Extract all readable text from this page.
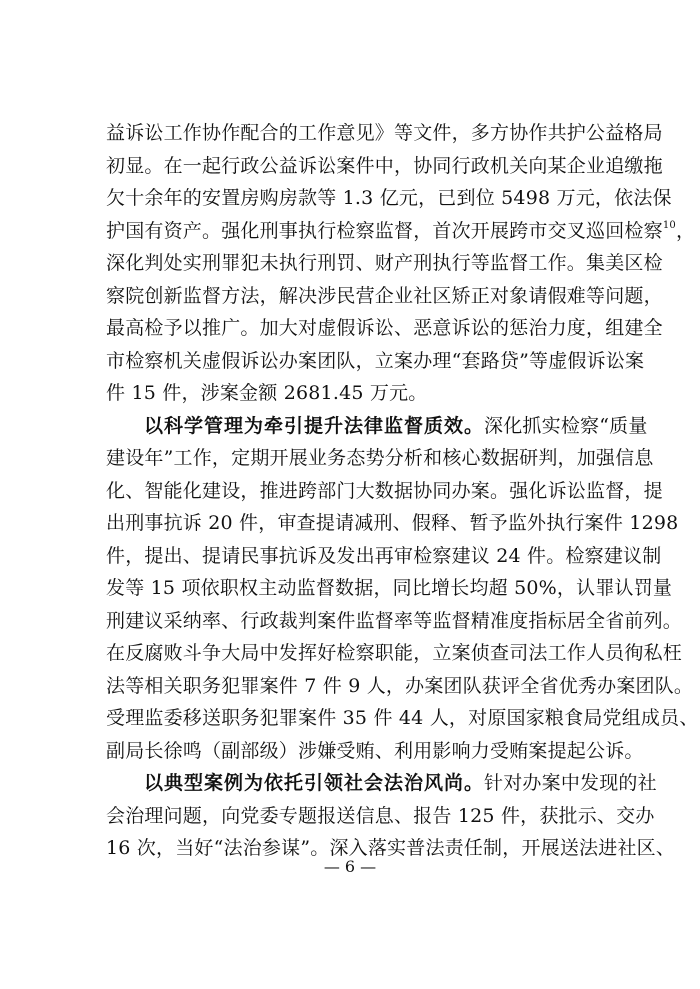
益诉讼工作协作配合的工作意见》等文件，多方协作共护公益格局
初显。在一起行政公益诉讼案件中，协同行政机关向某企业追缴拖
欠十余年的安置房购房款等 1.3 亿元，已到位 5498 万元，依法保
护国有资产。强化刑事执行检察监督，首次开展跨市交叉巡回检察$^{10}$，
深化判处实刑罪犯未执行刑罚、财产刑执行等监督工作。集美区检
察院创新监督方法，解决涉民营企业社区矫正对象请假难等问题，
最高检予以推广。加大对虚假诉讼、恶意诉讼的惩治力度，组建全
市检察机关虚假诉讼办案团队，立案办理“套路贷”等虚假诉讼案
件 15 件，涉案金额 2681.45 万元。
以科学管理为牵引提升法律监督质效。深化抓实检察“质量
建设年”工作，定期开展业务态势分析和核心数据研判，加强信息
化、智能化建设，推进跨部门大数据协同办案。强化诉讼监督，提
出刑事抗诉 20 件，审查提请减刑、假释、暂予监外执行案件 1298
件，提出、提请民事抗诉及发出再审检察建议 24 件。检察建议制
发等 15 项依职权主动监督数据，同比增长均超 50%，认罪认罚量
刑建议采纳率、行政裁判案件监督率等监督精准度指标居全省前列。
在反腐败斗争大局中发挥好检察职能，立案侦查司法工作人员徇私枉
法等相关职务犯罪案件 7 件 9 人，办案团队获评全省优秀办案团队。
受理监委移送职务犯罪案件 35 件 44 人，对原国家粮食局党组成员、
副局长徐鸣（副部级）涉嫌受贿、利用影响力受贿案提起公诉。
以典型案例为依托引领社会法治风尚。针对办案中发现的社
会治理问题，向党委专题报送信息、报告 125 件，获批示、交办
16 次，当好“法治参谋”。深入落实普法责任制，开展送法进社区、
— 6 —
